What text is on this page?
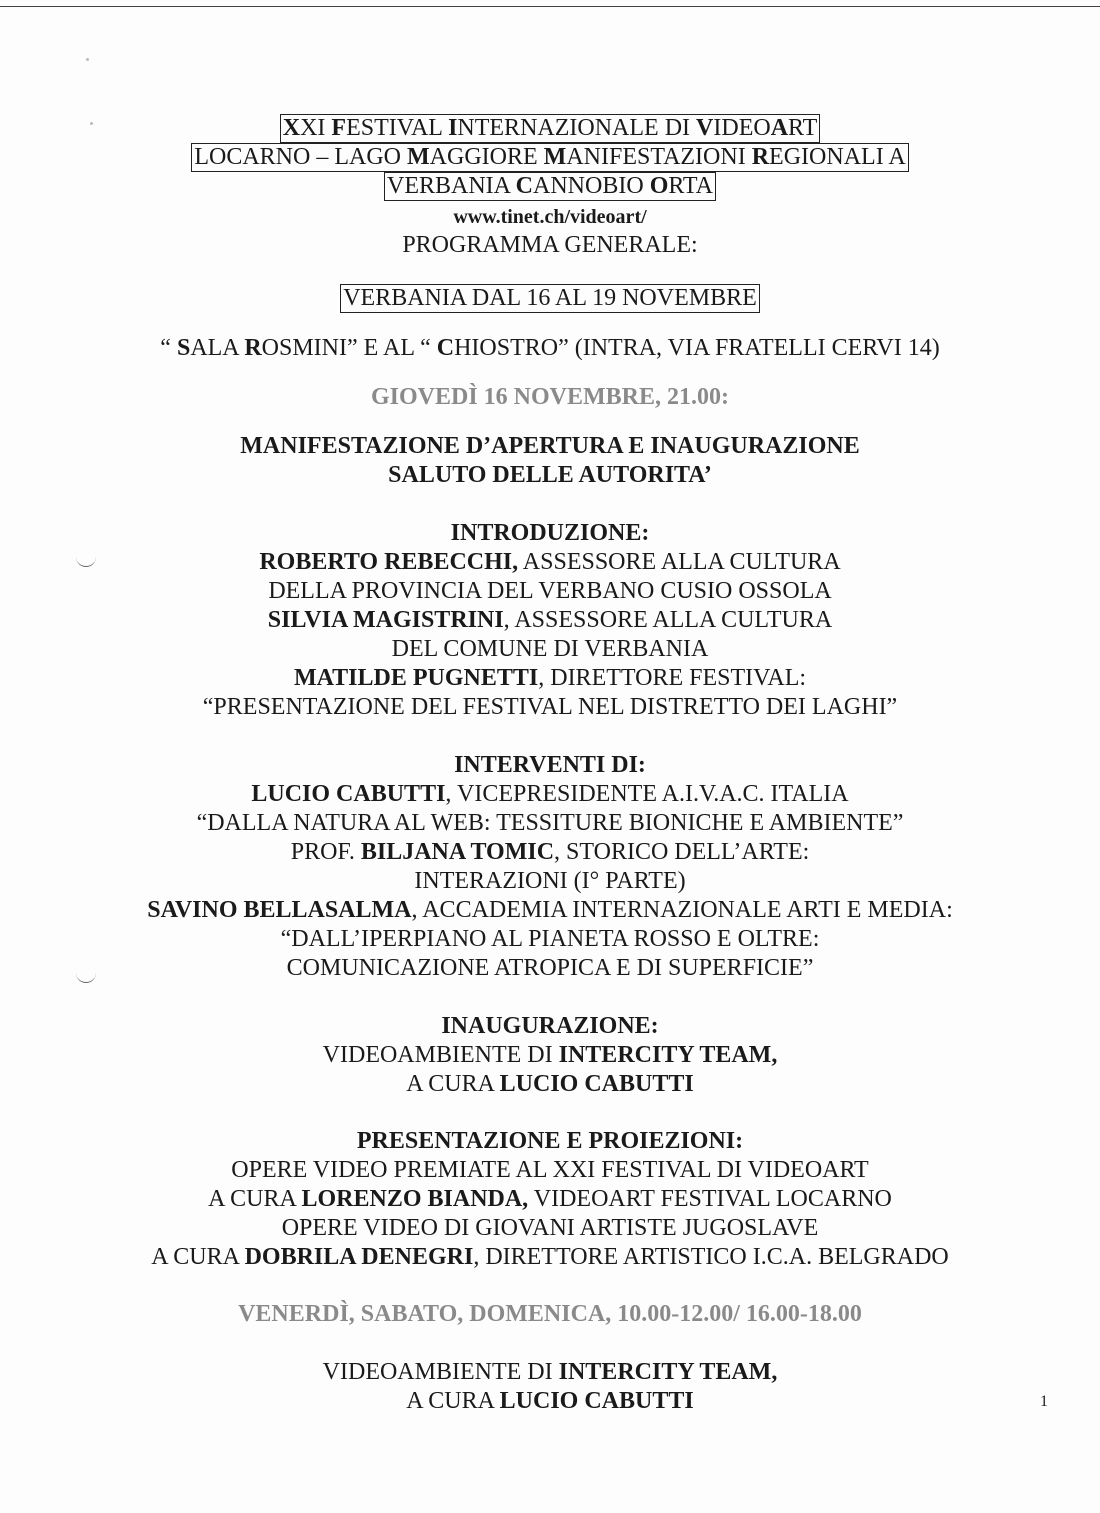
XXI FESTIVAL INTERNAZIONALE DI VIDEOART
LOCARNO – LAGO MAGGIORE MANIFESTAZIONI REGIONALI A
VERBANIA CANNOBIO ORTA
www.tinet.ch/videoart/
PROGRAMMA GENERALE:
VERBANIA DAL 16 AL 19 NOVEMBRE
“ SALA ROSMINI” E AL “ CHIOSTRO” (INTRA, VIA FRATELLI CERVI 14)
GIOVEDÌ 16 NOVEMBRE, 21.00:
MANIFESTAZIONE D’APERTURA E INAUGURAZIONE
SALUTO DELLE AUTORITA’
INTRODUZIONE:
ROBERTO REBECCHI, ASSESSORE ALLA CULTURA
DELLA PROVINCIA DEL VERBANO CUSIO OSSOLA
SILVIA MAGISTRINI, ASSESSORE ALLA CULTURA
DEL COMUNE DI VERBANIA
MATILDE PUGNETTI, DIRETTORE FESTIVAL:
“PRESENTAZIONE DEL FESTIVAL NEL DISTRETTO DEI LAGHI”
INTERVENTI DI:
LUCIO CABUTTI, VICEPRESIDENTE A.I.V.A.C. ITALIA
“DALLA NATURA AL WEB: TESSITURE BIONICHE E AMBIENTE”
PROF. BILJANA TOMIC, STORICO DELL’ARTE:
INTERAZIONI (I° PARTE)
SAVINO BELLASALMA, ACCADEMIA INTERNAZIONALE ARTI E MEDIA:
“DALL’IPERPIANO AL PIANETA ROSSO E OLTRE:
COMUNICAZIONE ATROPICA E DI SUPERFICIE”
INAUGURAZIONE:
VIDEOAMBIENTE DI INTERCITY TEAM,
A CURA LUCIO CABUTTI
PRESENTAZIONE E PROIEZIONI:
OPERE VIDEO PREMIATE AL XXI FESTIVAL DI VIDEOART
A CURA LORENZO BIANDA, VIDEOART FESTIVAL LOCARNO
OPERE VIDEO DI GIOVANI ARTISTE JUGOSLAVE
A CURA DOBRILA DENEGRI, DIRETTORE ARTISTICO I.C.A. BELGRADO
VENERDÌ, SABATO, DOMENICA, 10.00-12.00/ 16.00-18.00
VIDEOAMBIENTE DI INTERCITY TEAM,
A CURA LUCIO CABUTTI	1
